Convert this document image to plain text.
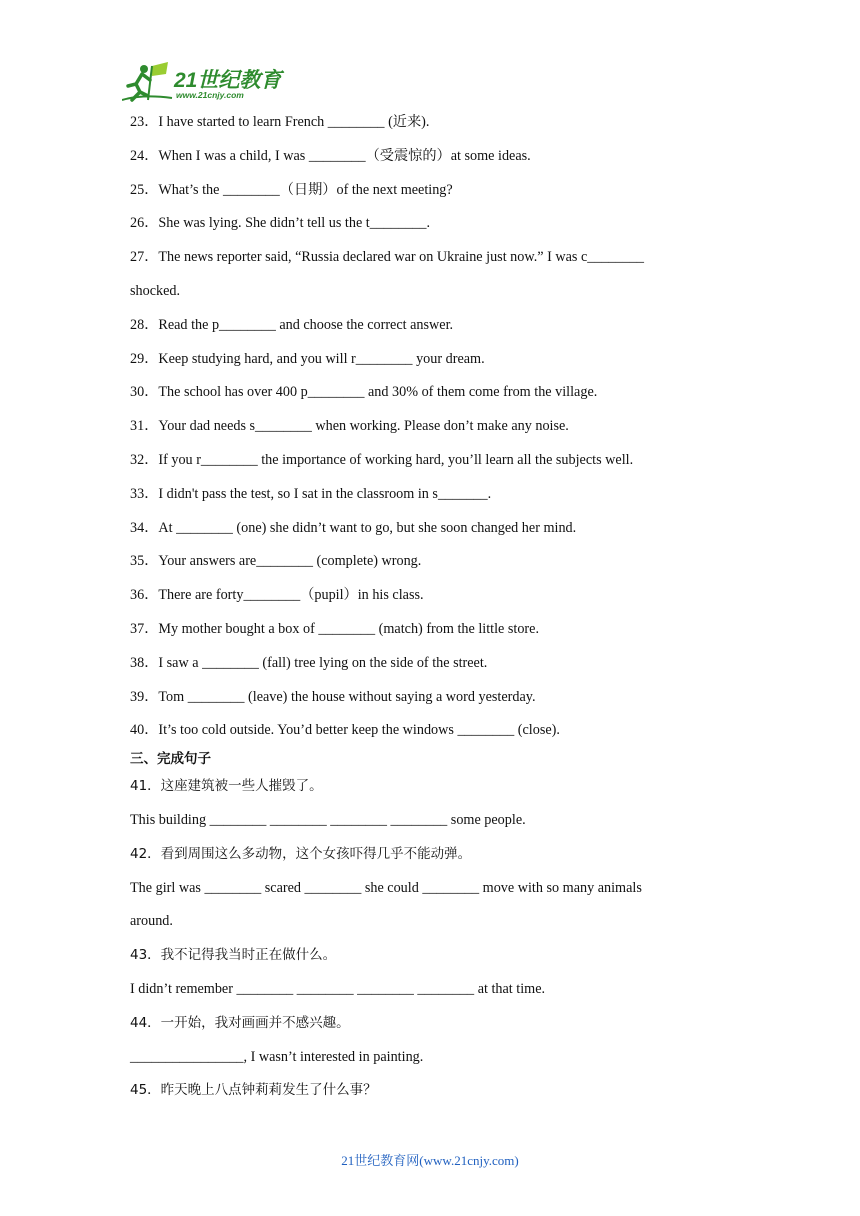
21世纪教育
www.21cnjy.com
23．I have started to learn French ________ (近来).
24．When I was a child, I was ________（受震惊的）at some ideas.
25．What’s the ________（日期）of the next meeting?
26．She was lying. She didn’t tell us the t________.
27．The news reporter said, “Russia declared war on Ukraine just now.” I was c________
shocked.
28．Read the p________ and choose the correct answer.
29．Keep studying hard, and you will r________ your dream.
30．The school has over 400 p________ and 30% of them come from the village.
31．Your dad needs s________ when working. Please don’t make any noise.
32．If you r________ the importance of working hard, you’ll learn all the subjects well.
33．I didn't pass the test, so I sat in the classroom in s_______.
34．At ________ (one) she didn’t want to go, but she soon changed her mind.
35．Your answers are________ (complete) wrong.
36．There are forty________（pupil）in his class.
37．My mother bought a box of ________ (match) from the little store.
38．I saw a ________ (fall) tree lying on the side of the street.
39．Tom ________ (leave) the house without saying a word yesterday.
40．It’s too cold outside. You’d better keep the windows ________ (close).
三、完成句子
41．这座建筑被一些人摧毁了。
This building ________ ________ ________ ________ some people.
42．看到周围这么多动物，这个女孩吓得几乎不能动弹。
The girl was ________ scared ________ she could ________ move with so many animals
around.
43．我不记得我当时正在做什么。
I didn’t remember ________ ________ ________ ________ at that time.
44．一开始，我对画画并不感兴趣。
________________, I wasn’t interested in painting.
45．昨天晚上八点钟莉莉发生了什么事？
21世纪教育网(www.21cnjy.com)
